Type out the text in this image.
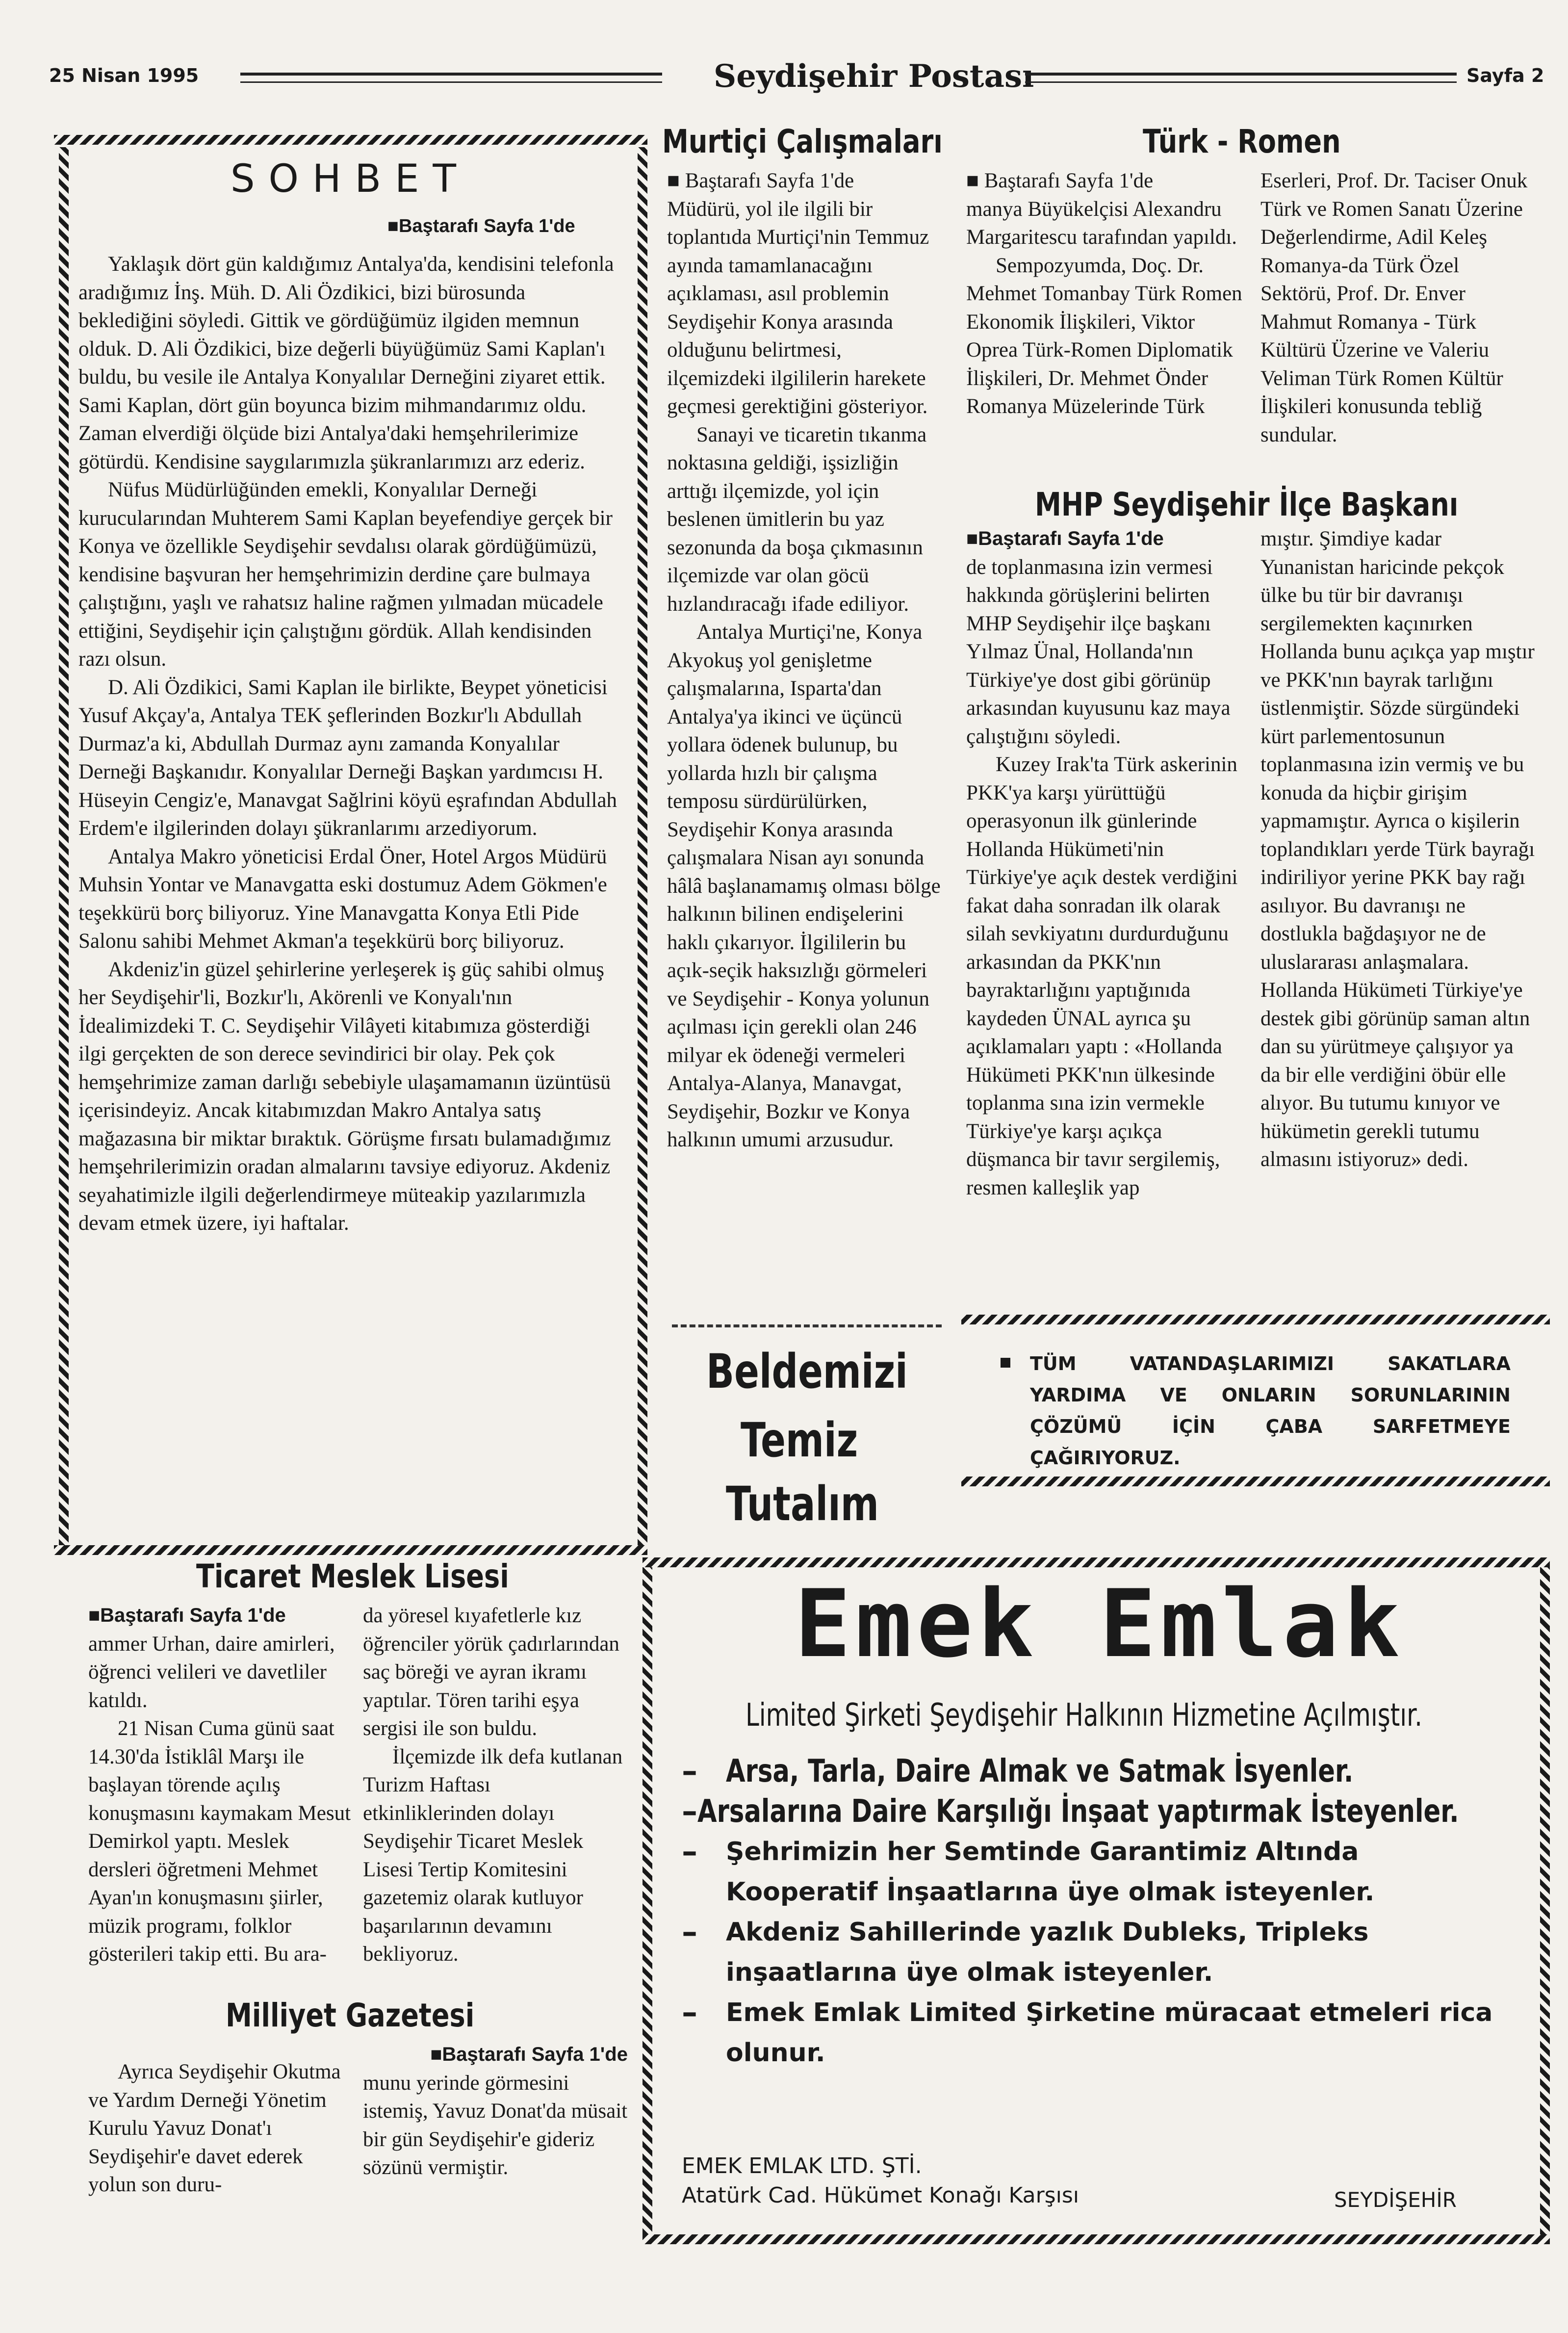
25 Nisan 1995	Seydişehir Postası	Sayfa 2
SOHBET
■Baştarafı Sayfa 1'de

Yaklaşık dört gün kaldığımız Antalya'da, kendisini telefonla aradığımız İnş. Müh. D. Ali Özdikici, bizi bürosunda beklediğini söyledi. Gittik ve gördüğümüz ilgiden memnun olduk. D. Ali Özdikici, bize değerli büyüğümüz Sami Kaplan'ı buldu, bu vesile ile Antalya Konyalılar Derneğini ziyaret ettik. Sami Kaplan, dört gün boyunca bizim mihmandarımız oldu. Zaman elverdiği ölçüde bizi Antalya'daki hemşehrilerimize götürdü. Kendisine saygılarımızla şükranlarımızı arz ederiz.

Nüfus Müdürlüğünden emekli, Konyalılar Derneği kurucularından Muhterem Sami Kaplan beyefendiye gerçek bir Konya ve özellikle Seydişehir sevdalısı olarak gördüğümüzü, kendisine başvuran her hemşehrimizin derdine çare bulmaya çalıştığını, yaşlı ve rahatsız haline rağmen yılmadan mücadele ettiğini, Seydişehir için çalıştığını gördük. Allah kendisinden razı olsun.

D. Ali Özdikici, Sami Kaplan ile birlikte, Beypet yöneticisi Yusuf Akçay'a, Antalya TEK şeflerinden Bozkır'lı Abdullah Durmaz'a ki, Abdullah Durmaz aynı zamanda Konyalılar Derneği Başkanıdır. Konyalılar Derneği Başkan yardımcısı H. Hüseyin Cengiz'e, Manavgat Sağlrini köyü eşrafından Abdullah Erdem'e ilgilerinden dolayı şükranlarımı arzediyorum.

Antalya Makro yöneticisi Erdal Öner, Hotel Argos Müdürü Muhsin Yontar ve Manavgatta eski dostumuz Adem Gökmen'e teşekkürü borç biliyoruz. Yine Manavgatta Konya Etli Pide Salonu sahibi Mehmet Akman'a teşekkürü borç biliyoruz.

Akdeniz'in güzel şehirlerine yerleşerek iş güç sahibi olmuş her Seydişehir'li, Bozkır'lı, Akörenli ve Konyalı'nın İdealimizdeki T. C. Seydişehir Vilâyeti kitabımıza gösterdiği ilgi gerçekten de son derece sevindirici bir olay. Pek çok hemşehrimize zaman darlığı sebebiyle ulaşamamanın üzüntüsü içerisindeyiz. Ancak kitabımızdan Makro Antalya satış mağazasına bir miktar bıraktık. Görüşme fırsatı bulamadığımız hemşehrilerimizin oradan almalarını tavsiye ediyoruz. Akdeniz seyahatimizle ilgili değerlendirmeye müteakip yazılarımızla devam etmek üzere, iyi haftalar.

Murtiçi Çalışmaları

■ Baştarafı Sayfa 1'de

Müdürü, yol ile ilgili bir toplantıda Murtiçi'nin Temmuz ayında tamamlanacağını açıklaması, asıl problemin Seydişehir Konya arasında olduğunu belirtmesi, ilçemizdeki ilgililerin harekete geçmesi gerektiğini gösteriyor.

Sanayi ve ticaretin tıkanma noktasına geldiği, işsizliğin arttığı ilçemizde, yol için beslenen ümitlerin bu yaz sezonunda da boşa çıkmasının ilçemizde var olan göcü hızlandıracağı ifade ediliyor.

Antalya Murtiçi'ne, Konya Akyokuş yol genişletme çalışmalarına, Isparta'dan Antalya'ya ikinci ve üçüncü yollara ödenek bulunup, bu yollarda hızlı bir çalışma temposu sürdürülürken, Seydişehir Konya arasında çalışmalara Nisan ayı sonunda hâlâ başlanamamış olması bölge halkının bilinen endişelerini haklı çıkarıyor. İlgililerin bu açık-seçik haksızlığı görmeleri ve Seydişehir - Konya yolunun açılması için gerekli olan 246 milyar ek ödeneği vermeleri Antalya-Alanya, Manavgat, Seydişehir, Bozkır ve Konya halkının umumi arzusudur.

Türk - Romen

■ Baştarafı Sayfa 1'de

manya Büyükelçisi Alexandru Margaritescu tarafından yapıldı.

Sempozyumda, Doç. Dr. Mehmet Tomanbay Türk Romen Ekonomik İlişkileri, Viktor Oprea Türk-Romen Diplomatik İlişkileri, Dr. Mehmet Önder Romanya Müzelerinde Türk

Eserleri, Prof. Dr. Taciser Onuk Türk ve Romen Sanatı Üzerine Değerlendirme, Adil Keleş Romanya-da Türk Özel Sektörü, Prof. Dr. Enver Mahmut Romanya - Türk Kültürü Üzerine ve Valeriu Veliman Türk Romen Kültür İlişkileri konusunda tebliğ sundular.

MHP Seydişehir İlçe Başkanı

■Baştarafı Sayfa 1'de

de toplanmasına izin vermesi hakkında görüşlerini belirten MHP Seydişehir ilçe başkanı Yılmaz Ünal, Hollanda'nın Türkiye'ye dost gibi görünüp arkasından kuyusunu kaz maya çalıştığını söyledi.

Kuzey Irak'ta Türk askerinin PKK'ya karşı yürüttüğü operasyonun ilk günlerinde Hollanda Hükümeti'nin Türkiye'ye açık destek verdiğini fakat daha sonradan ilk olarak silah sevkiyatını durdurduğunu arkasından da PKK'nın bayraktarlığını yaptığınıda kaydeden ÜNAL ayrıca şu açıklamaları yaptı : «Hollanda Hükümeti PKK'nın ülkesinde toplanma sına izin vermekle Türkiye'ye karşı açıkça düşmanca bir tavır sergilemiş, resmen kalleşlik yap

mıştır. Şimdiye kadar Yunanistan haricinde pekçok ülke bu tür bir davranışı sergilemekten kaçınırken Hollanda bunu açıkça yap mıştır ve PKK'nın bayrak tarlığını üstlenmiştir. Sözde sürgündeki kürt parlementosunun toplanmasına izin vermiş ve bu konuda da hiçbir girişim yapmamıştır. Ayrıca o kişilerin toplandıkları yerde Türk bayrağı indiriliyor yerine PKK bay rağı asılıyor. Bu davranışı ne dostlukla bağdaşıyor ne de uluslararası anlaşmalara. Hollanda Hükümeti Türkiye'ye destek gibi görünüp saman altın dan su yürütmeye çalışıyor ya da bir elle verdiğini öbür elle alıyor. Bu tutumu kınıyor ve hükümetin gerekli tutumu almasını istiyoruz» dedi.

Beldemizi
Temiz
Tutalım
TÜM VATANDAŞLARIMIZI SAKATLARA YARDIMA VE ONLARIN SORUNLARININ ÇÖZÜMÜ İÇİN ÇABA SARFETMEYE ÇAĞIRIYORUZ.
Ticaret Meslek Lisesi

■Baştarafı Sayfa 1'de

ammer Urhan, daire amirleri, öğrenci velileri ve davetliler katıldı.

21 Nisan Cuma günü saat 14.30'da İstiklâl Marşı ile başlayan törende açılış konuşmasını kaymakam Mesut Demirkol yaptı. Meslek dersleri öğretmeni Mehmet Ayan'ın konuşmasını şiirler, müzik programı, folklor gösterileri takip etti. Bu ara-

da yöresel kıyafetlerle kız öğrenciler yörük çadırlarından saç böreği ve ayran ikramı yaptılar. Tören tarihi eşya sergisi ile son buldu.

İlçemizde ilk defa kutlanan Turizm Haftası etkinliklerinden dolayı Seydişehir Ticaret Meslek Lisesi Tertip Komitesini gazetemiz olarak kutluyor başarılarının devamını bekliyoruz.

Milliyet Gazetesi

Ayrıca Seydişehir Okutma ve Yardım Derneği Yönetim Kurulu Yavuz Donat'ı Seydişehir'e davet ederek yolun son duru-

■Baştarafı Sayfa 1'de

munu yerinde görmesini istemiş, Yavuz Donat'da müsait bir gün Seydişehir'e gideriz sözünü vermiştir.

Emek Emlak
Limited Şirketi Şeydişehir Halkının Hizmetine Açılmıştır.
– Arsa, Tarla, Daire Almak ve Satmak İsyenler.
– Arsalarına Daire Karşılığı İnşaat yaptırmak İsteyenler.
–	Şehrimizin her Semtinde Garantimiz Altında Kooperatif İnşaatlarına üye olmak isteyenler.
–	Akdeniz Sahillerinde yazlık Dubleks, Tripleks inşaatlarına üye olmak isteyenler.
–	Emek Emlak Limited Şirketine müracaat etmeleri rica olunur.
EMEK EMLAK LTD. ŞTİ.
Atatürk Cad. Hükümet Konağı Karşısı	SEYDİŞEHİR
